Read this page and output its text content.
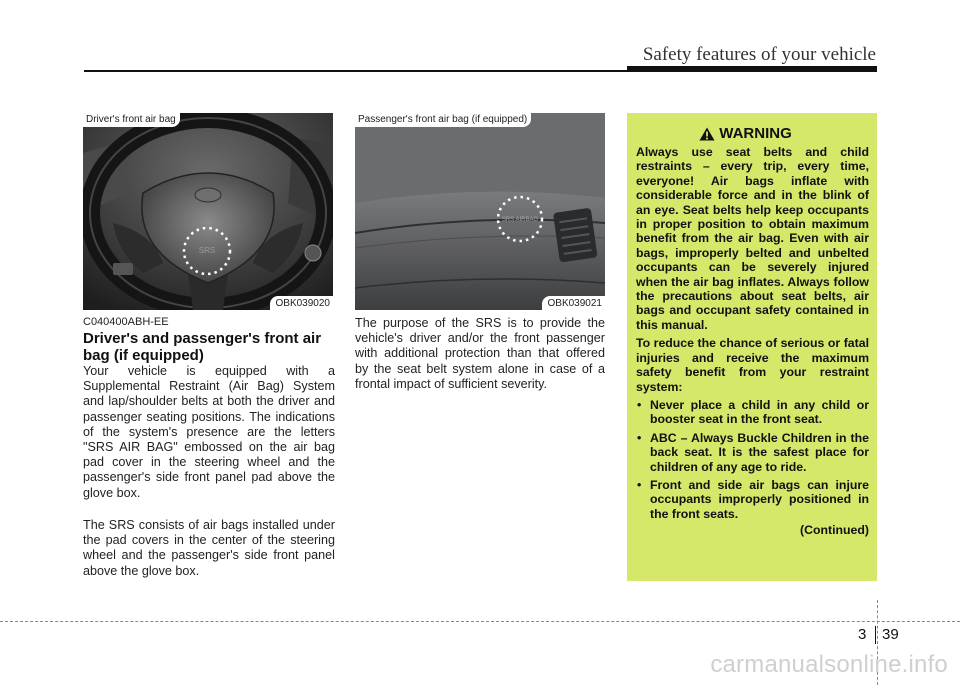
Safety features of your vehicle
SRS
Driver's front air bag
OBK039020
SRS AIRBAG
Passenger's front air bag (if equipped)
OBK039021
C040400ABH-EE
Driver's and passenger's front air bag (if equipped)

Your vehicle is equipped with a Supplemental Restraint (Air Bag) System and lap/shoulder belts at both the driver and passenger seating positions. The indications of the system's presence are the letters "SRS AIR BAG" embossed on the air bag pad cover in the steering wheel and the passenger's side front panel pad above the glove box.

The SRS consists of air bags installed under the pad covers in the center of the steering wheel and the passenger's side front panel above the glove box.

The purpose of the SRS is to provide the vehicle's driver and/or the front passenger with additional protection than that offered by the seat belt system alone in case of a frontal impact of sufficient severity.

WARNING

Always use seat belts and child restraints – every trip, every time, everyone! Air bags inflate with considerable force and in the blink of an eye. Seat belts help keep occupants in proper position to obtain maximum benefit from the air bag. Even with air bags, improperly belted and unbelted occupants can be severely injured when the air bag inflates. Always follow the precautions about seat belts, air bags and occupant safety contained in this manual.

To reduce the chance of serious or fatal injuries and receive the maximum safety benefit from your restraint system:

• Never place a child in any child or booster seat in the front seat.
• ABC – Always Buckle Children in the back seat. It is the safest place for children of any age to ride.
• Front and side air bags can injure occupants improperly positioned in the front seats.
(Continued)
3 39
carmanualsonline.info
